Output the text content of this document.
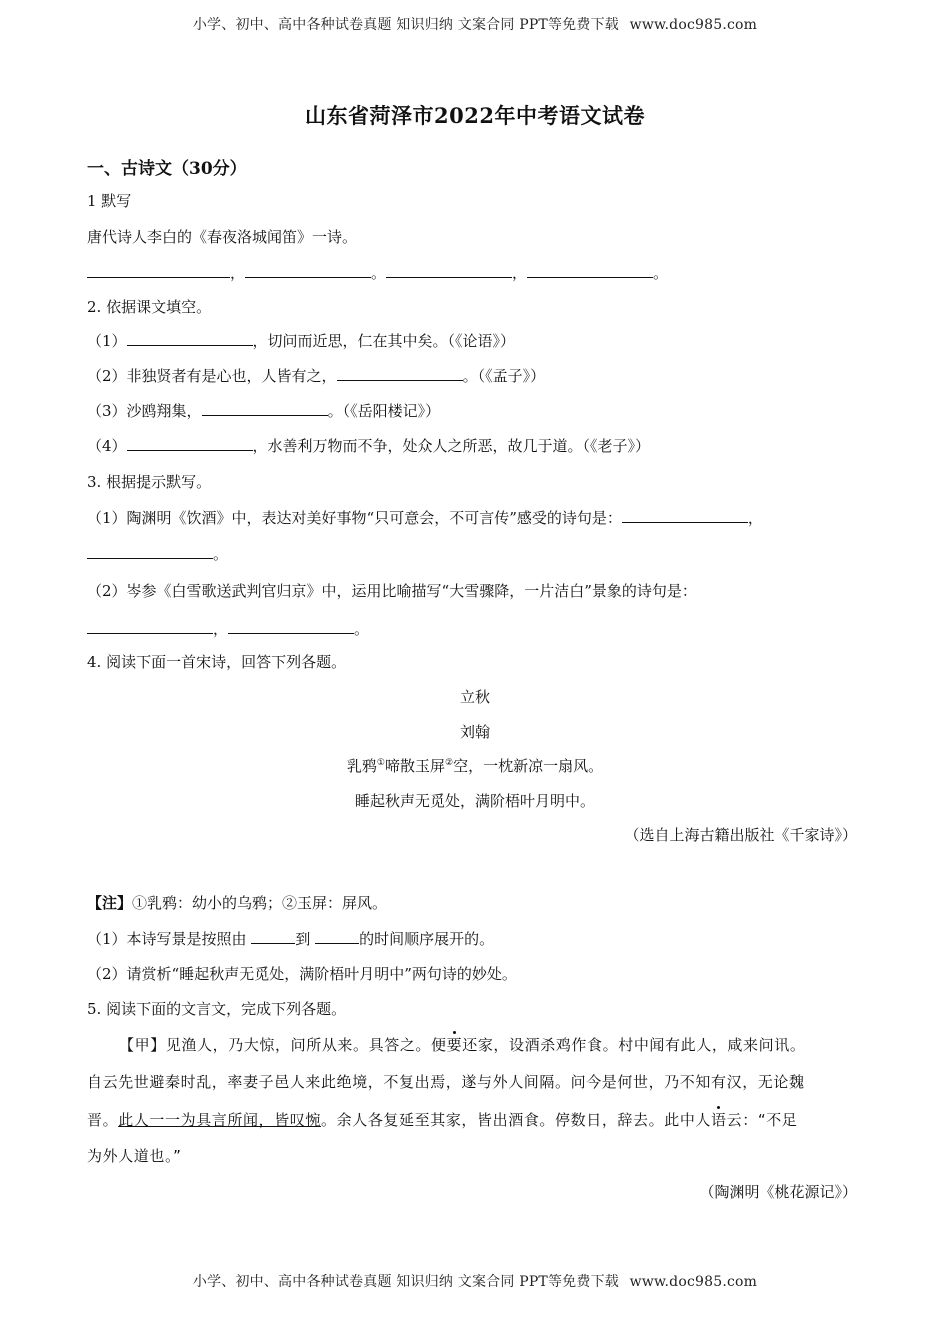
小学、初中、高中各种试卷真题 知识归纳 文案合同 PPT等免费下载 www.doc985.com
山东省菏泽市2022年中考语文试卷
一、古诗文（30分）
1 默写
唐代诗人李白的《春夜洛城闻笛》一诗。
，	。	，	。
2. 依据课文填空。
（1）	，切问而近思，仁在其中矣。（《论语》）
（2）非独贤者有是心也，人皆有之，	。（《孟子》）
（3）沙鸥翔集，	。（《岳阳楼记》）
（4）	，水善利万物而不争，处众人之所恶，故几于道。（《老子》）
3. 根据提示默写。
（1）陶渊明《饮酒》中，表达对美好事物“只可意会，不可言传”感受的诗句是：	，
。
（2）岑参《白雪歌送武判官归京》中，运用比喻描写“大雪骤降，一片洁白”景象的诗句是：
，	。
4. 阅读下面一首宋诗，回答下列各题。
立秋
刘翰
乳鸦①啼散玉屏②空，一枕新凉一扇风。
睡起秋声无觅处，满阶梧叶月明中。
（选自上海古籍出版社《千家诗》）
【注】①乳鸦：幼小的乌鸦；②玉屏：屏风。
（1）本诗写景是按照由	到	的时间顺序展开的。
（2）请赏析“睡起秋声无觅处，满阶梧叶月明中”两句诗的妙处。
5. 阅读下面的文言文，完成下列各题。
【甲】见渔人，乃大惊，问所从来。具答之。便要还家，设酒杀鸡作食。村中闻有此人，咸来问讯。
自云先世避秦时乱，率妻子邑人来此绝境，不复出焉，遂与外人间隔。问今是何世，乃不知有汉，无论魏
晋。此人一一为具言所闻，皆叹惋。余人各复延至其家，皆出酒食。停数日，辞去。此中人语云：“不足
为外人道也。”
（陶渊明《桃花源记》）
小学、初中、高中各种试卷真题 知识归纳 文案合同 PPT等免费下载 www.doc985.com
